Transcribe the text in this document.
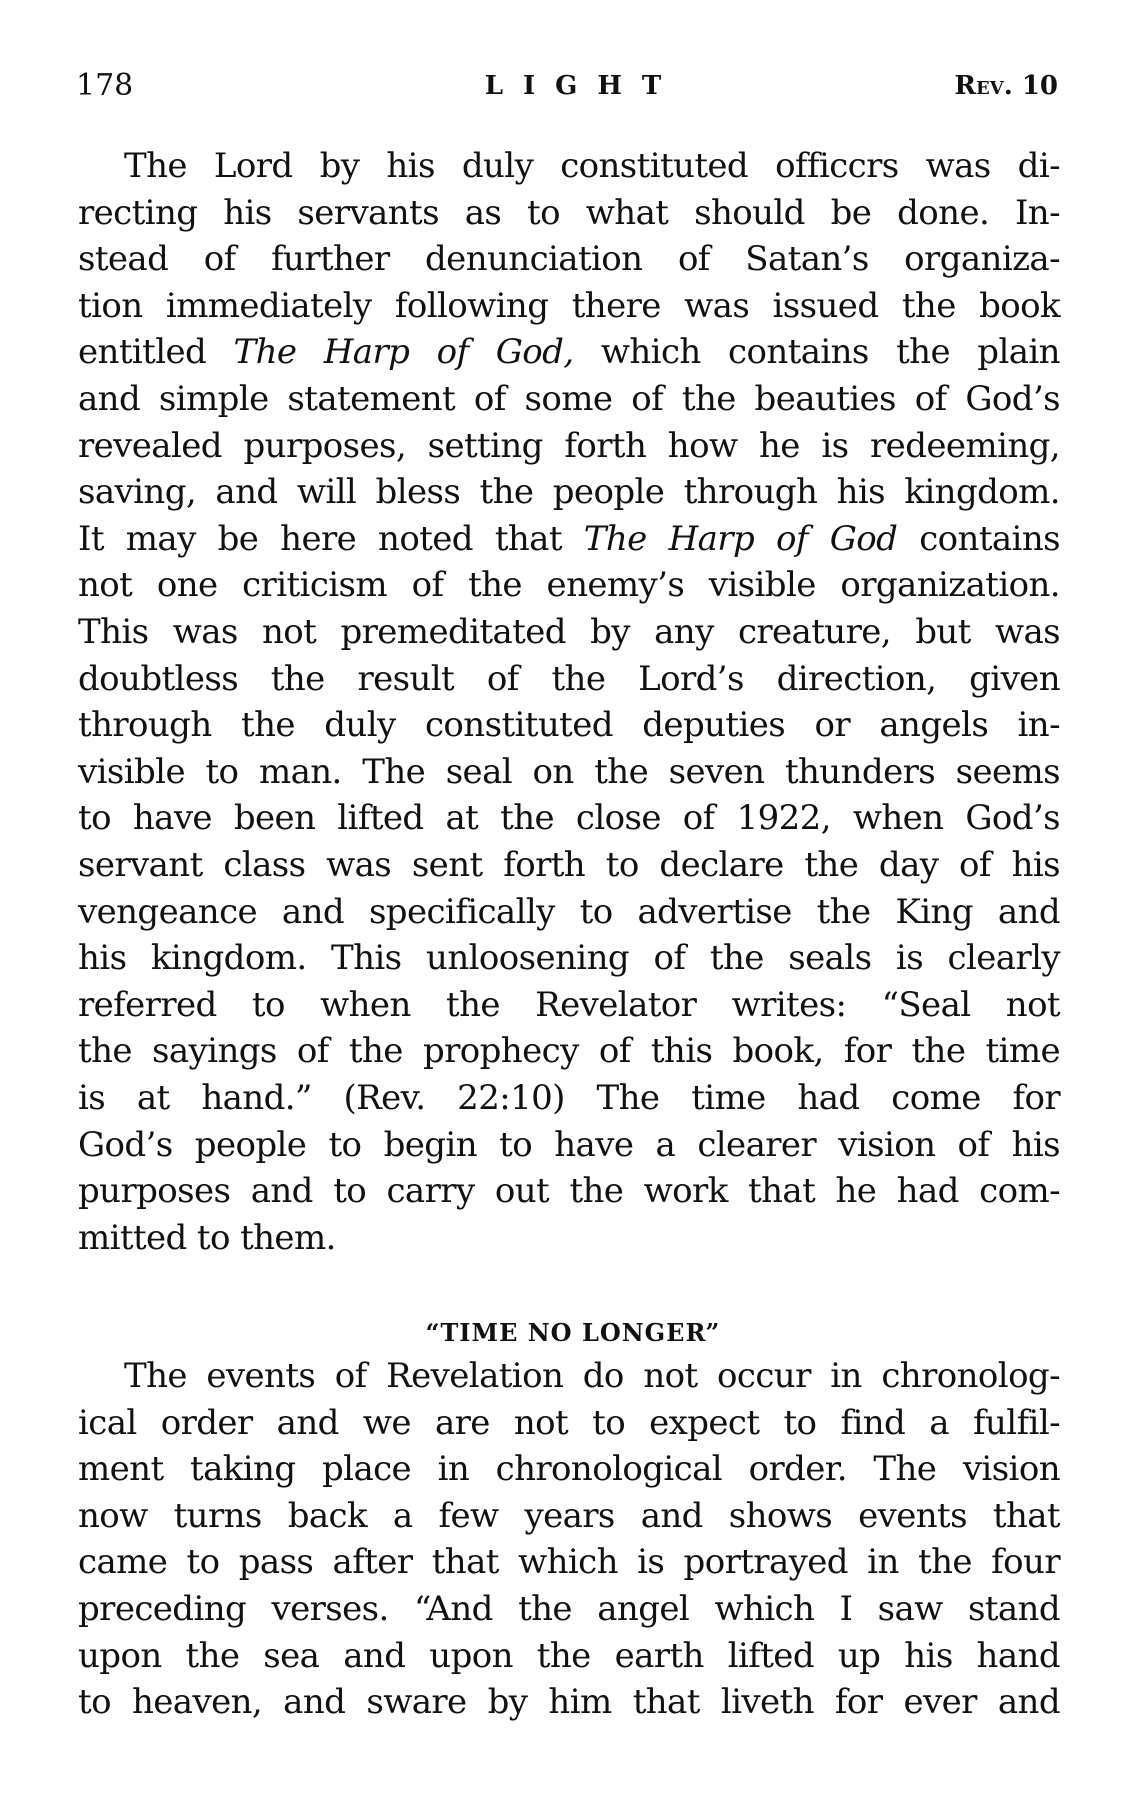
178	LIGHT	Rev. 10
The Lord by his duly constituted officcrs was di-
recting his servants as to what should be done. In-
stead of further denunciation of Satan’s organiza-
tion immediately following there was issued the book
entitled The Harp of God, which contains the plain
and simple statement of some of the beauties of God’s
revealed purposes, setting forth how he is redeeming,
saving, and will bless the people through his kingdom.
It may be here noted that The Harp of God contains
not one criticism of the enemy’s visible organization.
This was not premeditated by any creature, but was
doubtless the result of the Lord’s direction, given
through the duly constituted deputies or angels in-
visible to man. The seal on the seven thunders seems
to have been lifted at the close of 1922, when God’s
servant class was sent forth to declare the day of his
vengeance and specifically to advertise the King and
his kingdom. This unloosening of the seals is clearly
referred to when the Revelator writes: “Seal not
the sayings of the prophecy of this book, for the time
is at hand.” (Rev. 22:10) The time had come for
God’s people to begin to have a clearer vision of his
purposes and to carry out the work that he had com-
mitted to them.
“TIME NO LONGER”
The events of Revelation do not occur in chronolog-
ical order and we are not to expect to find a fulfil-
ment taking place in chronological order. The vision
now turns back a few years and shows events that
came to pass after that which is portrayed in the four
preceding verses. “And the angel which I saw stand
upon the sea and upon the earth lifted up his hand
to heaven, and sware by him that liveth for ever and
